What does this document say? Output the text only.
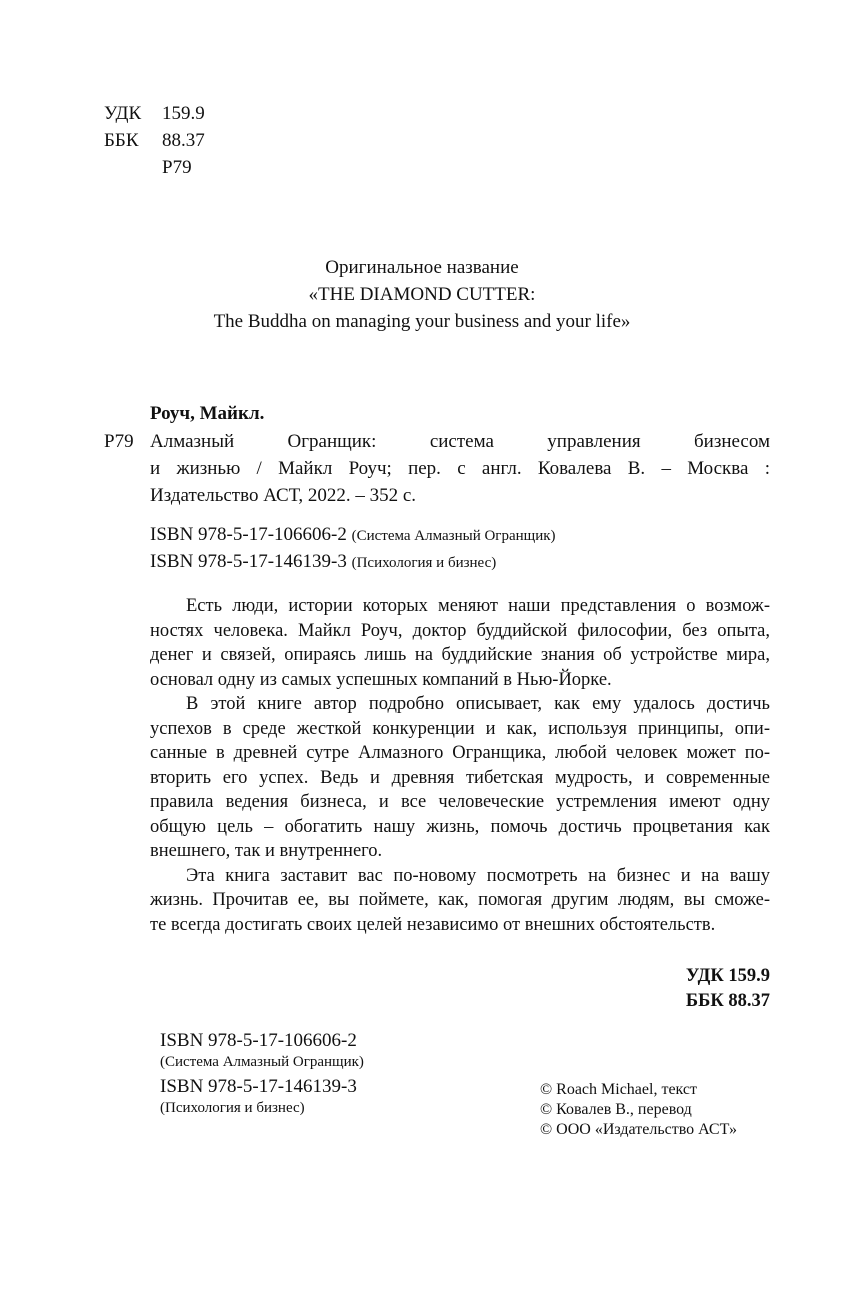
УДК	159.9
ББК	88.37
Р79
Оригинальное название
«THE DIAMOND CUTTER:
The Buddha on managing your business and your life»
Роуч, Майкл.
Р79 Алмазный Огранщик: система управления бизнесом
и жизнью / Майкл Роуч; пер. с англ. Ковалева В. – Москва :
Издательство АСТ, 2022. – 352 с.
ISBN 978-5-17-106606-2 (Система Алмазный Огранщик)
ISBN 978-5-17-146139-3 (Психология и бизнес)
Есть люди, истории которых меняют наши представления о возмож-
ностях человека. Майкл Роуч, доктор буддийской философии, без опыта,
денег и связей, опираясь лишь на буддийские знания об устройстве мира,
основал одну из самых успешных компаний в Нью-Йорке.
В этой книге автор подробно описывает, как ему удалось достичь
успехов в среде жесткой конкуренции и как, используя принципы, опи-
санные в древней сутре Алмазного Огранщика, любой человек может по-
вторить его успех. Ведь и древняя тибетская мудрость, и современные
правила ведения бизнеса, и все человеческие устремления имеют одну
общую цель – обогатить нашу жизнь, помочь достичь процветания как
внешнего, так и внутреннего.
Эта книга заставит вас по-новому посмотреть на бизнес и на вашу
жизнь. Прочитав ее, вы поймете, как, помогая другим людям, вы сможе-
те всегда достигать своих целей независимо от внешних обстоятельств.
УДК 159.9
ББК 88.37
ISBN 978-5-17-106606-2
(Система Алмазный Огранщик)
ISBN 978-5-17-146139-3
(Психология и бизнес)
© Roach Michael, текст
© Ковалев В., перевод
© ООО «Издательство АСТ»
